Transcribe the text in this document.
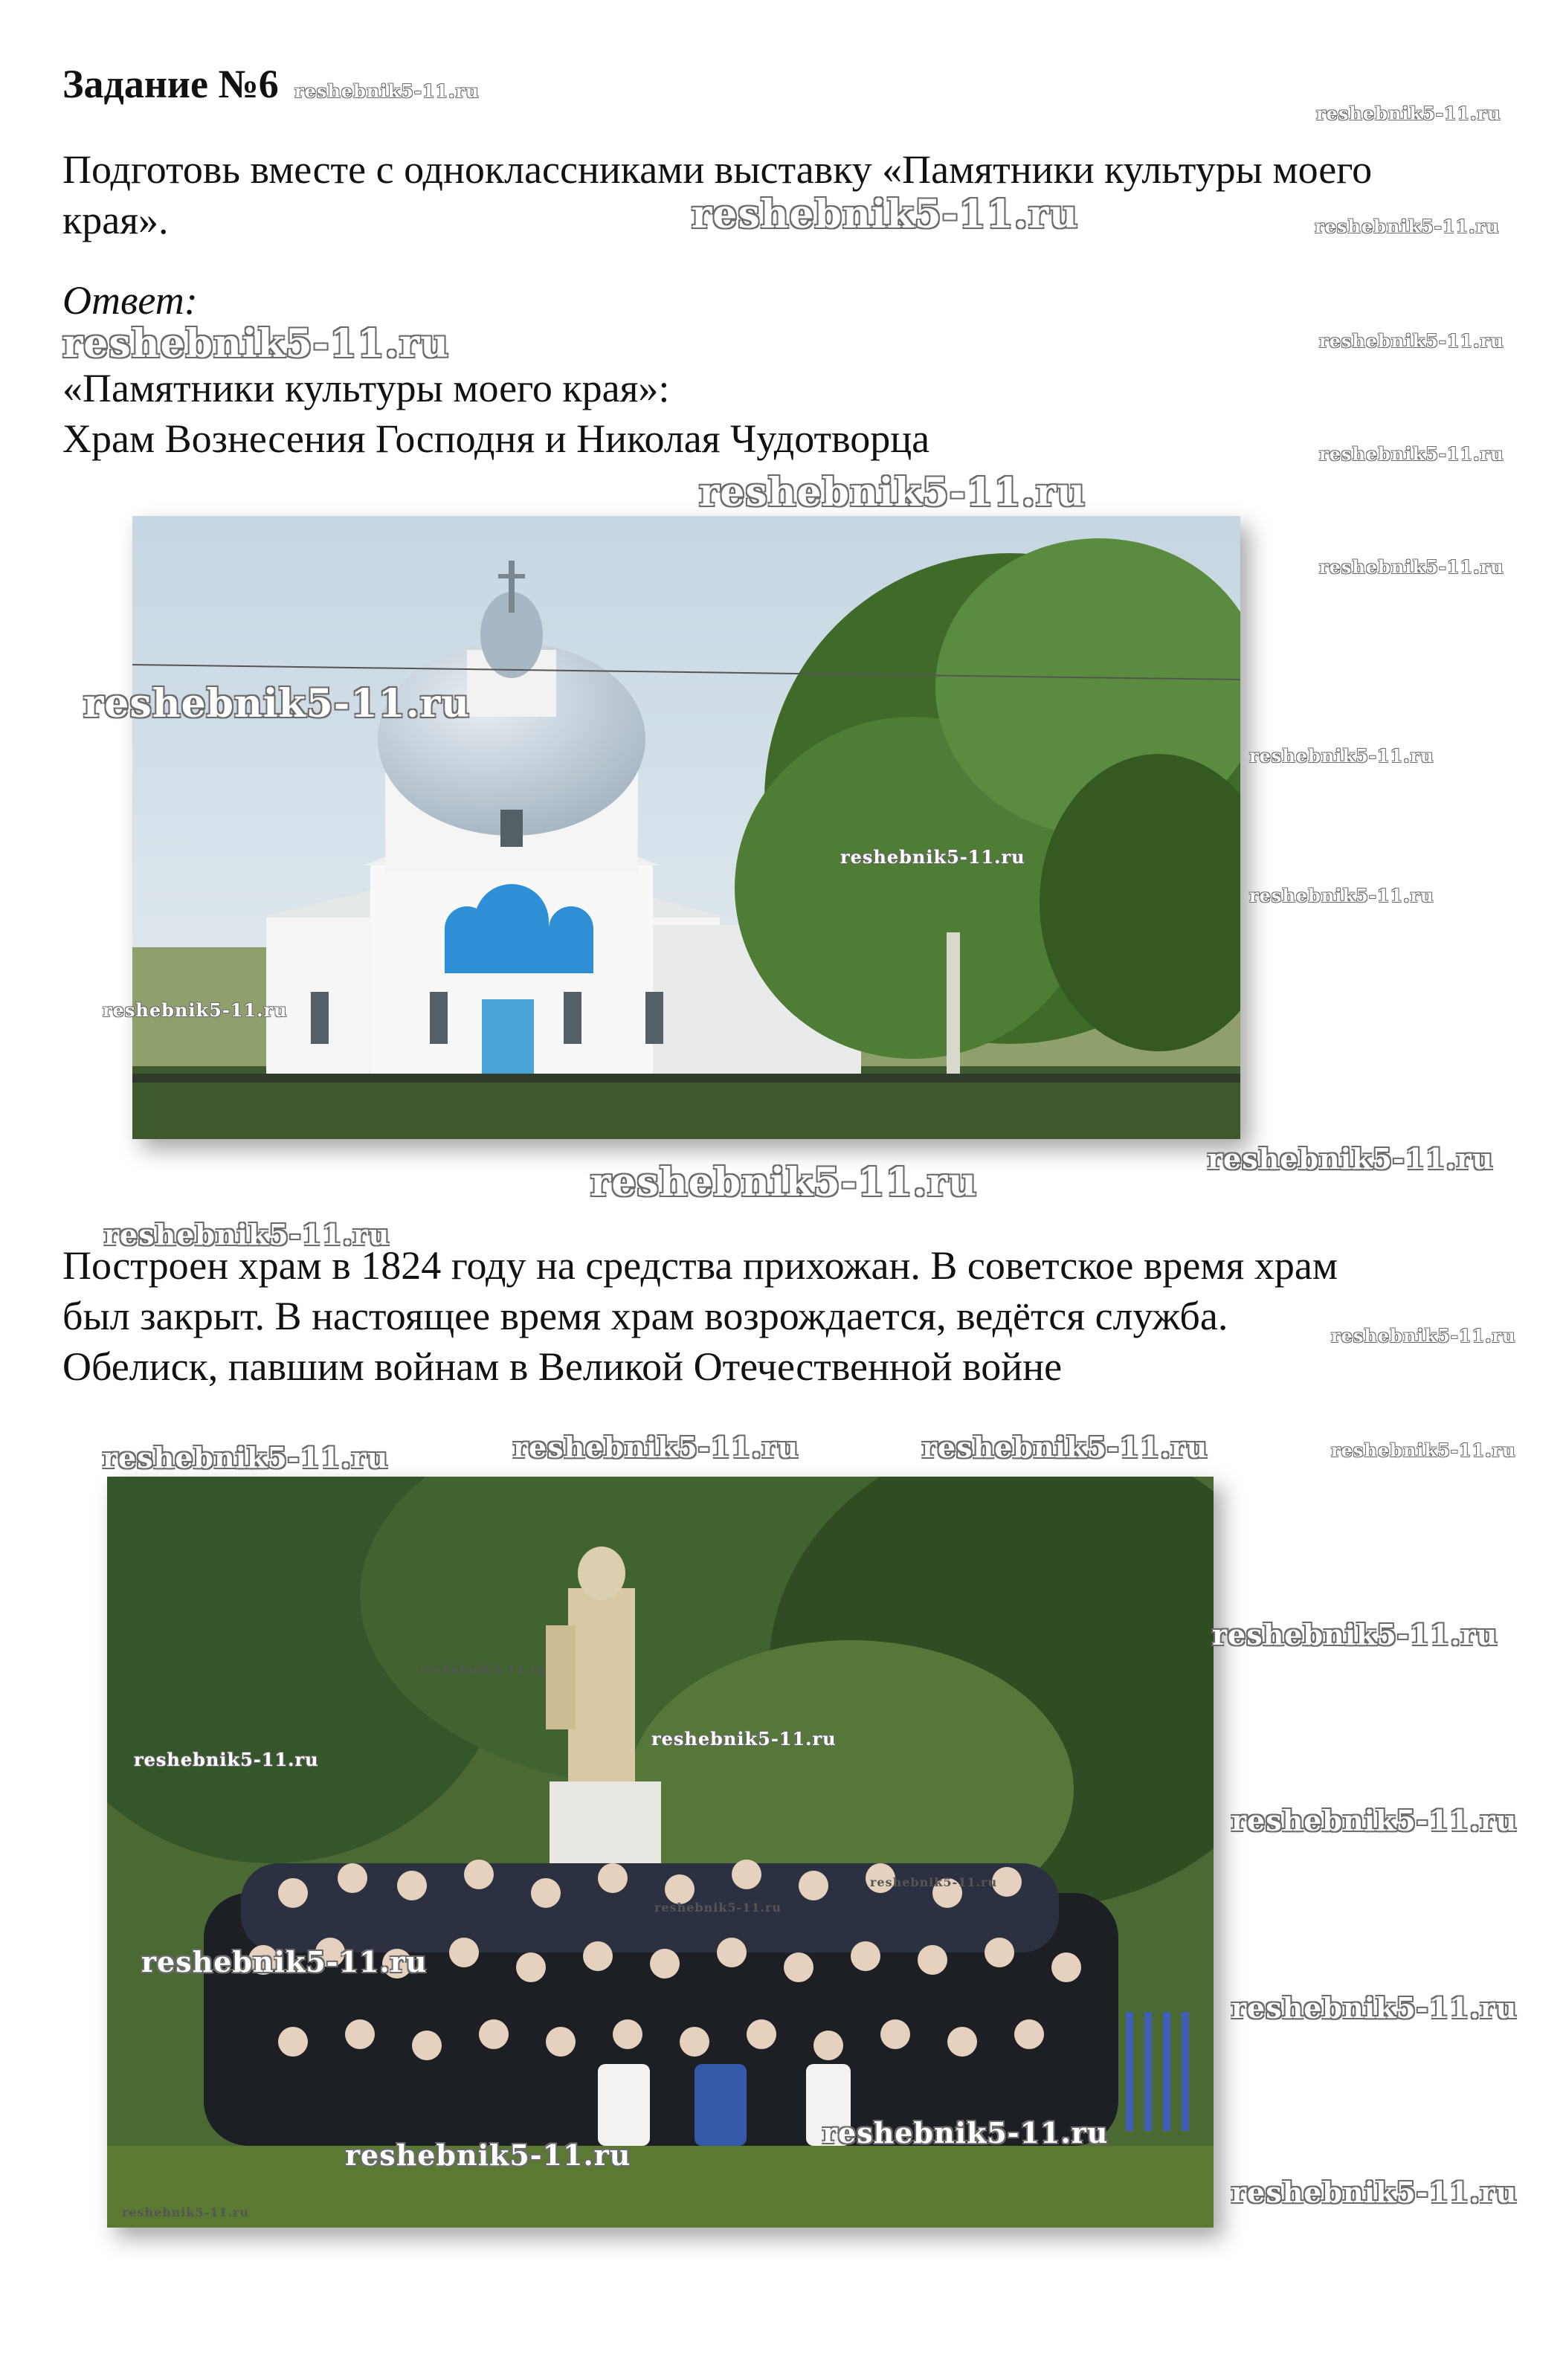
Задание №6
Подготовь вместе с одноклассниками выставку «Памятники культуры моего
края».
Ответ:
«Памятники культуры моего края»:
Храм Вознесения Господня и Николая Чудотворца
Построен храм в 1824 году на средства прихожан. В советское время храм
был закрыт. В настоящее время храм возрождается, ведётся служба.
Обелиск, павшим войнам в Великой Отечественной войне
reshebnik5-11.ru
reshebnik5-11.ru
reshebnik5-11.ru	reshebnik5-11.ru
reshebnik5-11.ru	reshebnik5-11.ru
reshebnik5-11.ru
reshebnik5-11.ru
reshebnik5-11.ru
reshebnik5-11.ru
reshebnik5-11.ru
reshebnik5-11.ru
reshebnik5-11.ru
reshebnik5-11.ru
reshebnik5-11.ru
reshebnik5-11.ru
reshebnik5-11.ru
reshebnik5-11.ru
reshebnik5-11.ru	reshebnik5-11.ru	reshebnik5-11.ru	reshebnik5-11.ru
reshebnik5-11.ru
reshebnik5-11.ru
reshebnik5-11.ru
reshebnik5-11.ru
reshebnik5-11.ru
reshebnik5-11.ru
reshebnik5-11.ru
reshebnik5-11.ru
reshebnik5-11.ru
reshebnik5-11.ru
reshebnik5-11.ru
reshebnik5-11.ru
reshebnik5-11.ru
